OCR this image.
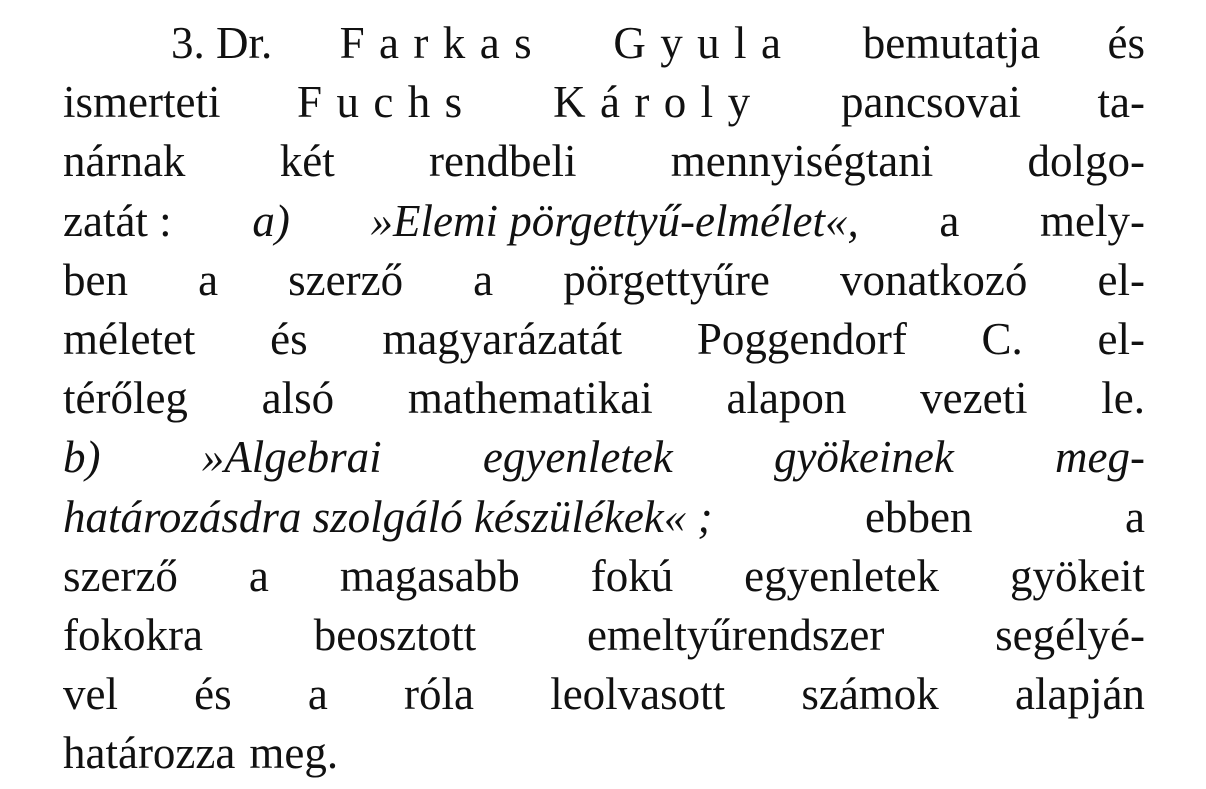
3. Dr. Farkas Gyula bemutatja és
ismerteti Fuchs Károly pancsovai ta-
nárnak két rendbeli mennyiségtani dolgo-
zatát : a) »Elemi pörgettyű-elmélet«, a mely-
ben a szerző a pörgettyűre vonatkozó el-
méletet és magyarázatát Poggendorf C. el-
térőleg alsó mathematikai alapon vezeti le.
b) »Algebrai egyenletek gyökeinek meg-
határozásdra szolgáló készülékek« ;	ebben	a
szerző a magasabb fokú egyenletek gyökeit
fokokra beosztott emeltyűrendszer segélyé-
vel és a róla leolvasott számok alapján
határozza meg.
